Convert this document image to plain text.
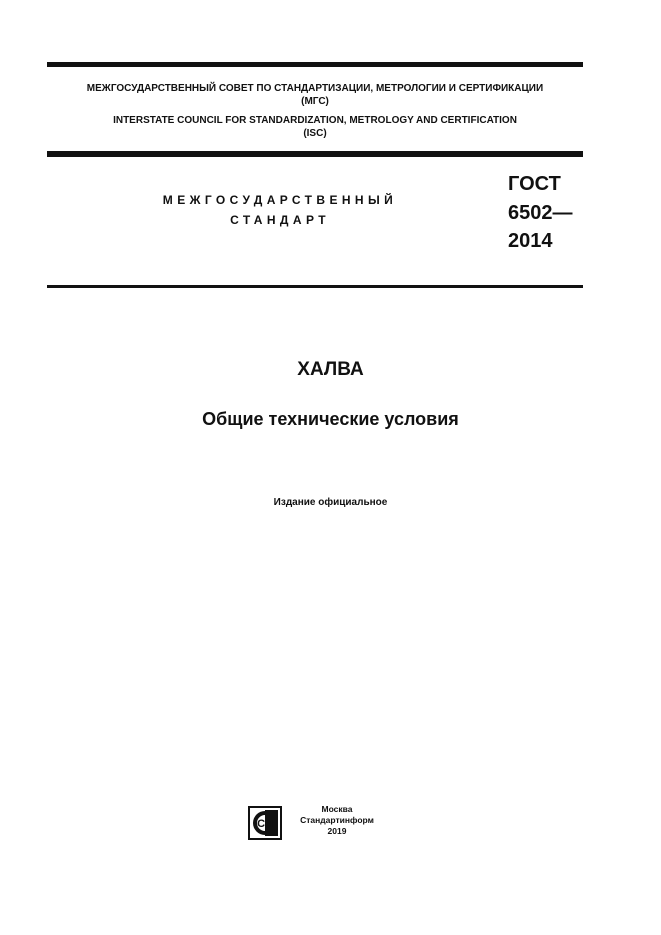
МЕЖГОСУДАРСТВЕННЫЙ СОВЕТ ПО СТАНДАРТИЗАЦИИ, МЕТРОЛОГИИ И СЕРТИФИКАЦИИ
(МГС)
INTERSTATE COUNCIL FOR STANDARDIZATION, METROLOGY AND CERTIFICATION
(ISC)
МЕЖГОСУДАРСТВЕННЫЙ
СТАНДАРТ
ГОСТ
6502—
2014
ХАЛВА
Общие технические условия
Издание официальное
СИ
Москва
Стандартинформ
2019
